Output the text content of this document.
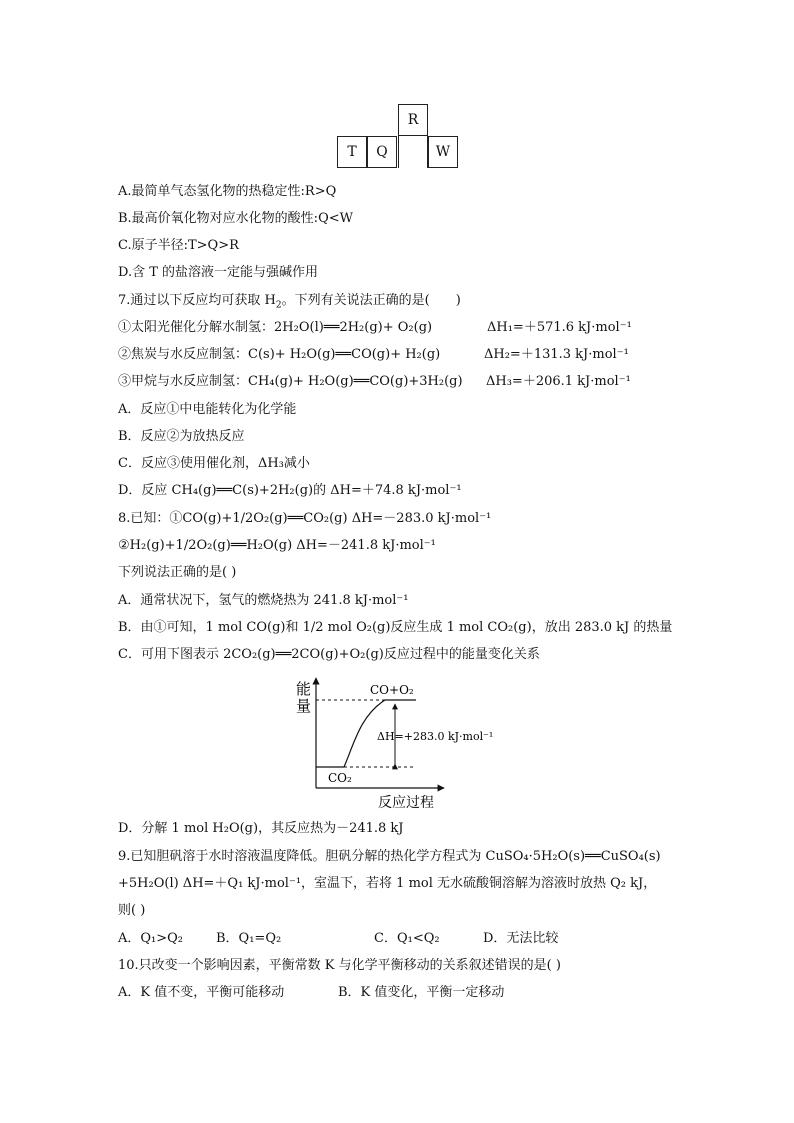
R
T	Q	W
A.最简单气态氢化物的热稳定性:R>Q
B.最高价氧化物对应水化物的酸性:Q<W
C.原子半径:T>Q>R
D.含 T 的盐溶液一定能与强碱作用
7.通过以下反应均可获取 $H_2$。下列有关说法正确的是( )
①太阳光催化分解水制氢：2H₂O(l)══2H₂(g)+ O₂(g)	ΔH₁=＋571.6 kJ·mol⁻¹
②焦炭与水反应制氢：C(s)+ H₂O(g)══CO(g)+ H₂(g)	ΔH₂=＋131.3 kJ·mol⁻¹
③甲烷与水反应制氢：CH₄(g)+ H₂O(g)══CO(g)+3H₂(g) ΔH₃=＋206.1 kJ·mol⁻¹
A．反应①中电能转化为化学能
B．反应②为放热反应
C．反应③使用催化剂，ΔH₃减小
D．反应 CH₄(g)══C(s)+2H₂(g)的 ΔH=＋74.8 kJ·mol⁻¹
8.已知：①CO(g)+1/2O₂(g)══CO₂(g) ΔH=－283.0 kJ·mol⁻¹
②H₂(g)+1/2O₂(g)══H₂O(g) ΔH=－241.8 kJ·mol⁻¹
下列说法正确的是( )
A．通常状况下，氢气的燃烧热为 241.8 kJ·mol⁻¹
B．由①可知，1 mol CO(g)和 1/2 mol O₂(g)反应生成 1 mol CO₂(g)，放出 283.0 kJ 的热量
C．可用下图表示 2CO₂(g)══2CO(g)+O₂(g)反应过程中的能量变化关系
能
量
CO+O₂
CO₂
ΔH=+283.0 kJ·mol⁻¹
反应过程
D．分解 1 mol H₂O(g)，其反应热为－241.8 kJ
9.已知胆矾溶于水时溶液温度降低。胆矾分解的热化学方程式为 CuSO₄·5H₂O(s)══CuSO₄(s)
+5H₂O(l) ΔH=＋Q₁ kJ·mol⁻¹，室温下，若将 1 mol 无水硫酸铜溶解为溶液时放热 Q₂ kJ，
则( )
A．Q₁>Q₂	B．Q₁=Q₂	C．Q₁<Q₂	D．无法比较
10.只改变一个影响因素，平衡常数 K 与化学平衡移动的关系叙述错误的是( )
A．K 值不变，平衡可能移动	B．K 值变化，平衡一定移动
